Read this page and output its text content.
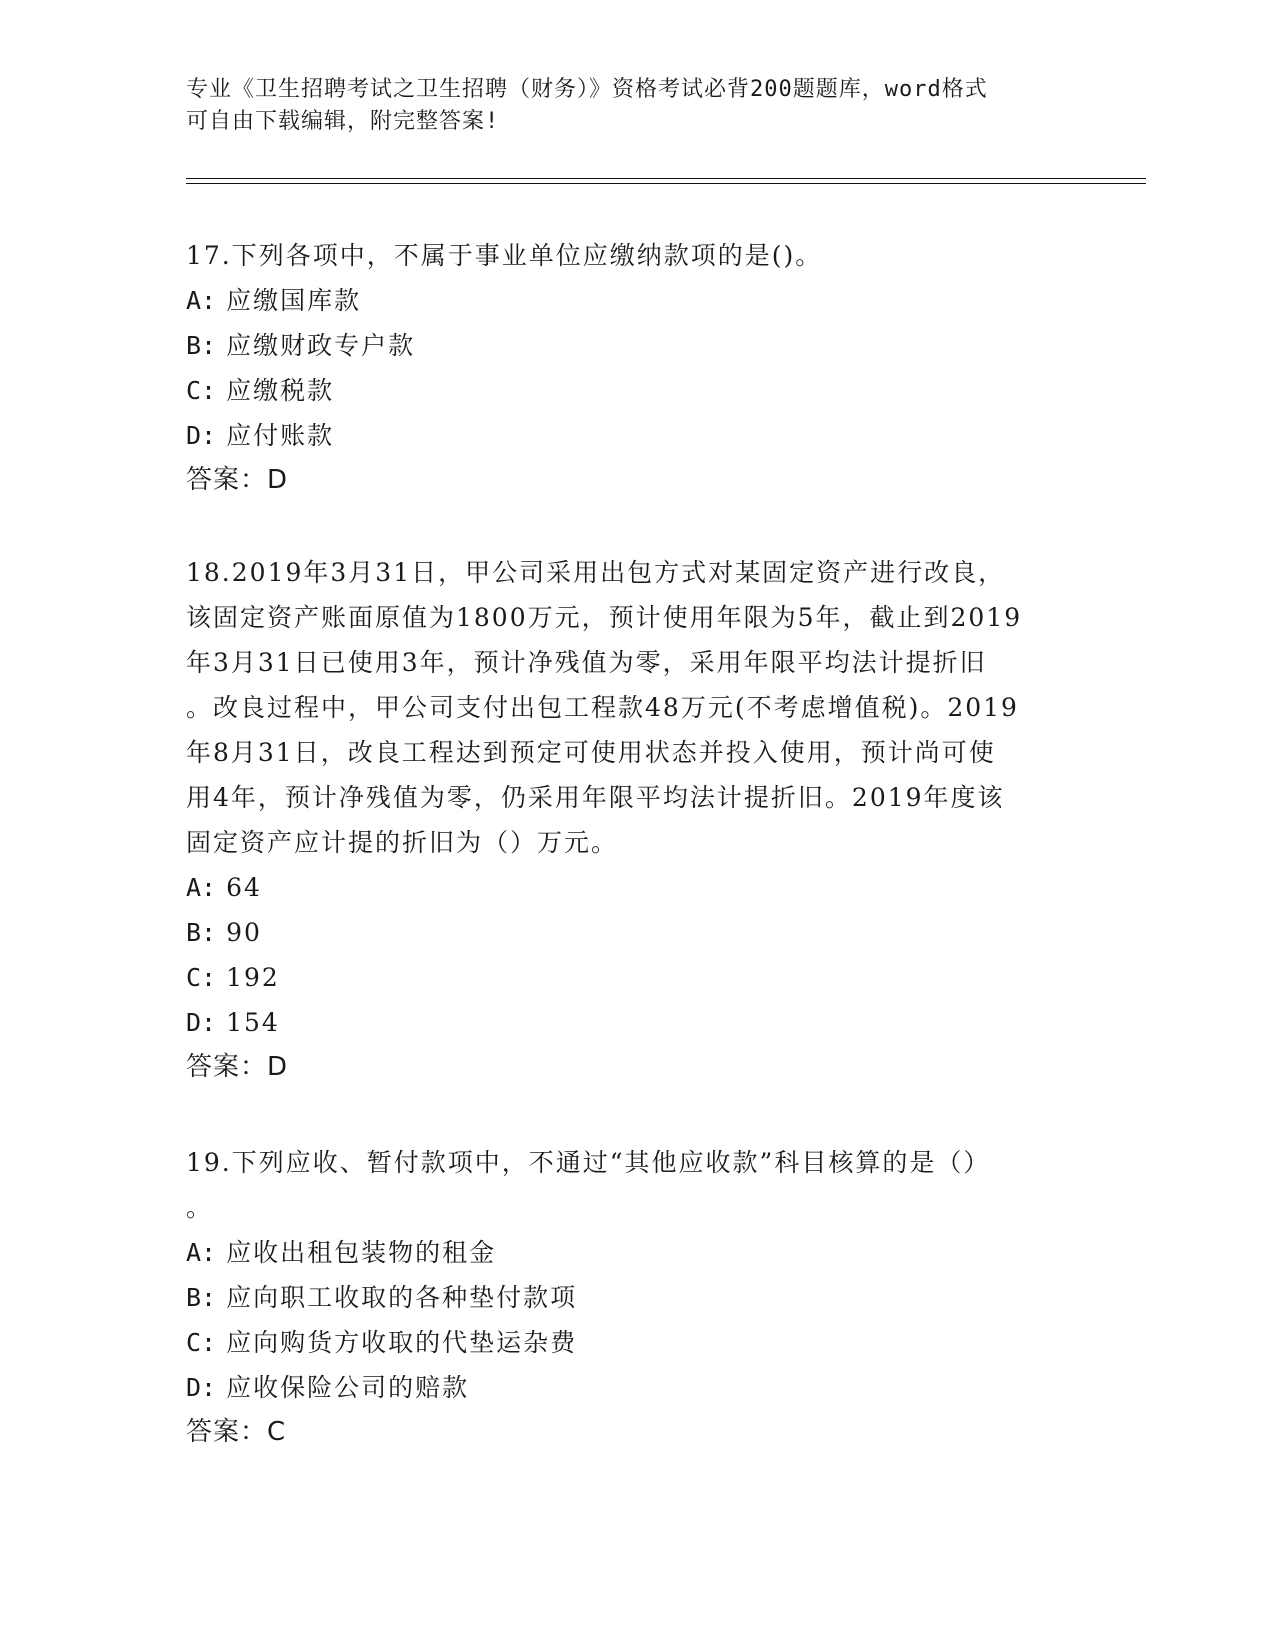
专业《卫生招聘考试之卫生招聘（财务）》资格考试必背200题题库，word格式
可自由下载编辑，附完整答案!
17.下列各项中，不属于事业单位应缴纳款项的是()。
A: 应缴国库款
B: 应缴财政专户款
C: 应缴税款
D: 应付账款
答案：D
18.2019年3月31日，甲公司采用出包方式对某固定资产进行改良，
该固定资产账面原值为1800万元，预计使用年限为5年，截止到2019
年3月31日已使用3年，预计净残值为零，采用年限平均法计提折旧
。改良过程中，甲公司支付出包工程款48万元(不考虑增值税)。2019
年8月31日，改良工程达到预定可使用状态并投入使用，预计尚可使
用4年，预计净残值为零，仍采用年限平均法计提折旧。2019年度该
固定资产应计提的折旧为（）万元。
A: 64
B: 90
C: 192
D: 154
答案：D
19.下列应收、暂付款项中，不通过“其他应收款”科目核算的是（）
。
A: 应收出租包装物的租金
B: 应向职工收取的各种垫付款项
C: 应向购货方收取的代垫运杂费
D: 应收保险公司的赔款
答案：C
